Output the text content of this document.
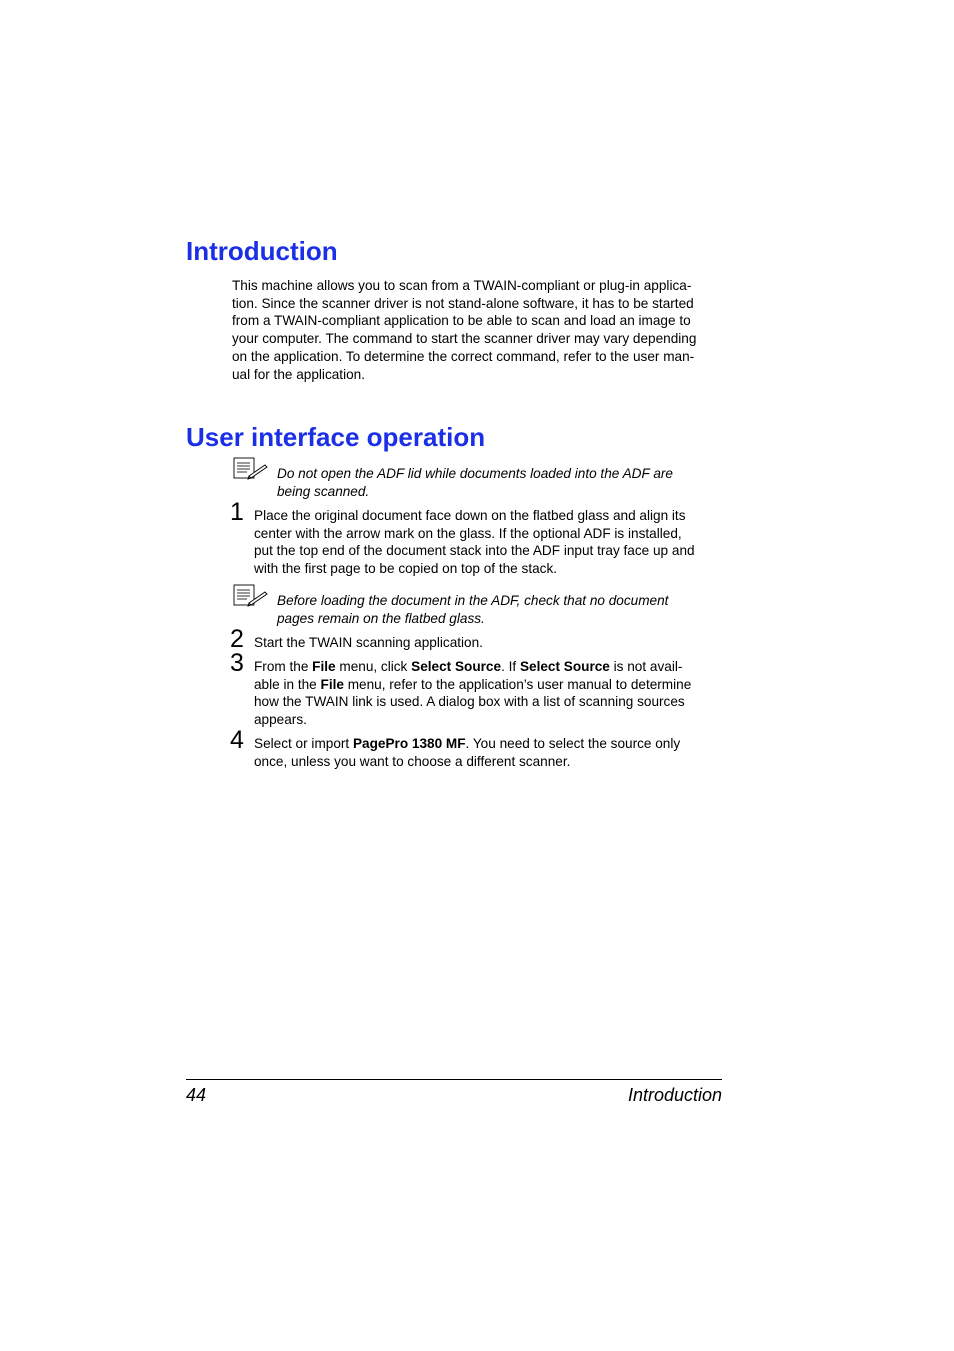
Introduction
This machine allows you to scan from a TWAIN-compliant or plug-in applica-
tion. Since the scanner driver is not stand-alone software, it has to be started
from a TWAIN-compliant application to be able to scan and load an image to
your computer. The command to start the scanner driver may vary depending
on the application. To determine the correct command, refer to the user man-
ual for the application.
User interface operation
Do not open the ADF lid while documents loaded into the ADF are
being scanned.
1 Place the original document face down on the flatbed glass and align its
center with the arrow mark on the glass. If the optional ADF is installed,
put the top end of the document stack into the ADF input tray face up and
with the first page to be copied on top of the stack.
Before loading the document in the ADF, check that no document
pages remain on the flatbed glass.
2 Start the TWAIN scanning application.
3 From the File menu, click Select Source. If Select Source is not avail-
able in the File menu, refer to the application’s user manual to determine
how the TWAIN link is used. A dialog box with a list of scanning sources
appears.
4 Select or import PagePro 1380 MF. You need to select the source only
once, unless you want to choose a different scanner.
44	Introduction
